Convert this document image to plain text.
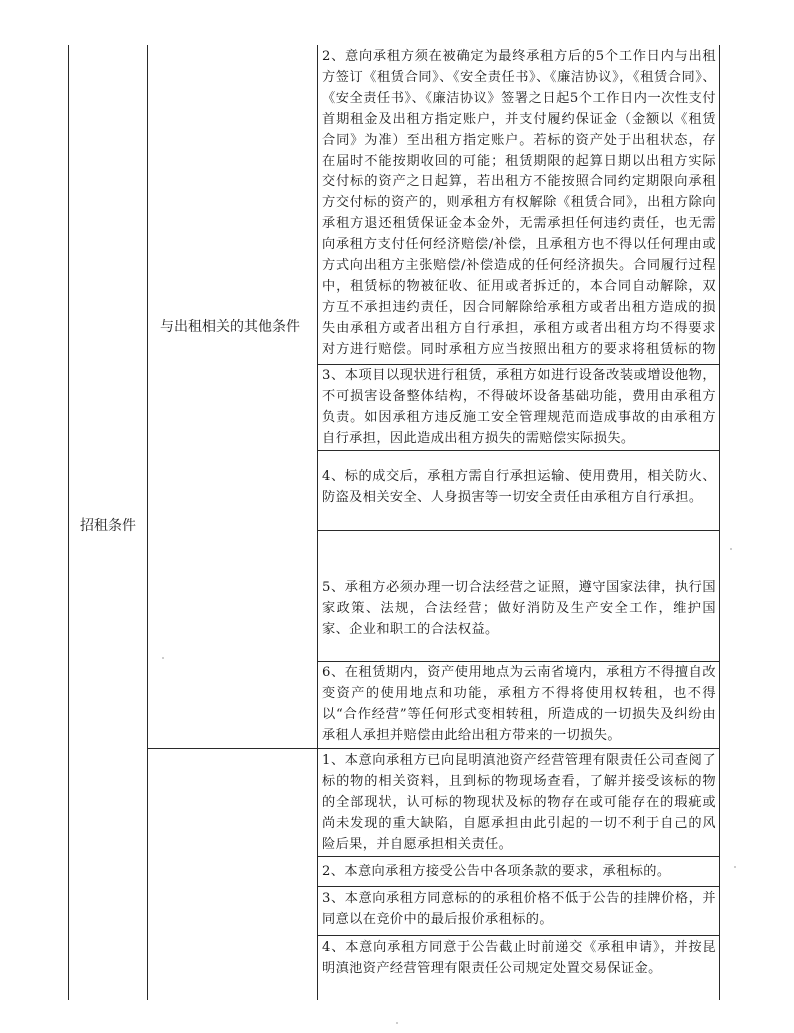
招租条件
与出租相关的其他条件
2、意向承租方须在被确定为最终承租方后的5个工作日内与出租方签订《租赁合同》、《安全责任书》、《廉洁协议》，《租赁合同》、《安全责任书》、《廉洁协议》签署之日起5个工作日内一次性支付首期租金及出租方指定账户，并支付履约保证金（金额以《租赁合同》为准）至出租方指定账户。若标的资产处于出租状态，存在届时不能按期收回的可能；租赁期限的起算日期以出租方实际交付标的资产之日起算，若出租方不能按照合同约定期限向承租方交付标的资产的，则承租方有权解除《租赁合同》，出租方除向承租方退还租赁保证金本金外，无需承担任何违约责任，也无需向承租方支付任何经济赔偿/补偿，且承租方也不得以任何理由或方式向出租方主张赔偿/补偿造成的任何经济损失。合同履行过程中，租赁标的物被征收、征用或者拆迁的，本合同自动解除，双方互不承担违约责任，因合同解除给承租方或者出租方造成的损失由承租方或者出租方自行承担，承租方或者出租方均不得要求对方进行赔偿。同时承租方应当按照出租方的要求将租赁标的物
3、本项目以现状进行租赁，承租方如进行设备改装或增设他物，不可损害设备整体结构，不得破坏设备基础功能，费用由承租方负责。如因承租方违反施工安全管理规范而造成事故的由承租方自行承担，因此造成出租方损失的需赔偿实际损失。
4、标的成交后，承租方需自行承担运输、使用费用，相关防火、防盗及相关安全、人身损害等一切安全责任由承租方自行承担。
5、承租方必须办理一切合法经营之证照，遵守国家法律，执行国家政策、法规，合法经营；做好消防及生产安全工作，维护国家、企业和职工的合法权益。
6、在租赁期内，资产使用地点为云南省境内，承租方不得擅自改变资产的使用地点和功能，承租方不得将使用权转租，也不得以“合作经营”等任何形式变相转租，所造成的一切损失及纠纷由承租人承担并赔偿由此给出租方带来的一切损失。
1、本意向承租方已向昆明滇池资产经营管理有限责任公司查阅了标的物的相关资料，且到标的物现场查看，了解并接受该标的物的全部现状，认可标的物现状及标的物存在或可能存在的瑕疵或尚未发现的重大缺陷，自愿承担由此引起的一切不利于自己的风险后果，并自愿承担相关责任。
2、本意向承租方接受公告中各项条款的要求，承租标的。
3、本意向承租方同意标的的承租价格不低于公告的挂牌价格，并同意以在竞价中的最后报价承租标的。
4、本意向承租方同意于公告截止时前递交《承租申请》，并按昆明滇池资产经营管理有限责任公司规定处置交易保证金。
